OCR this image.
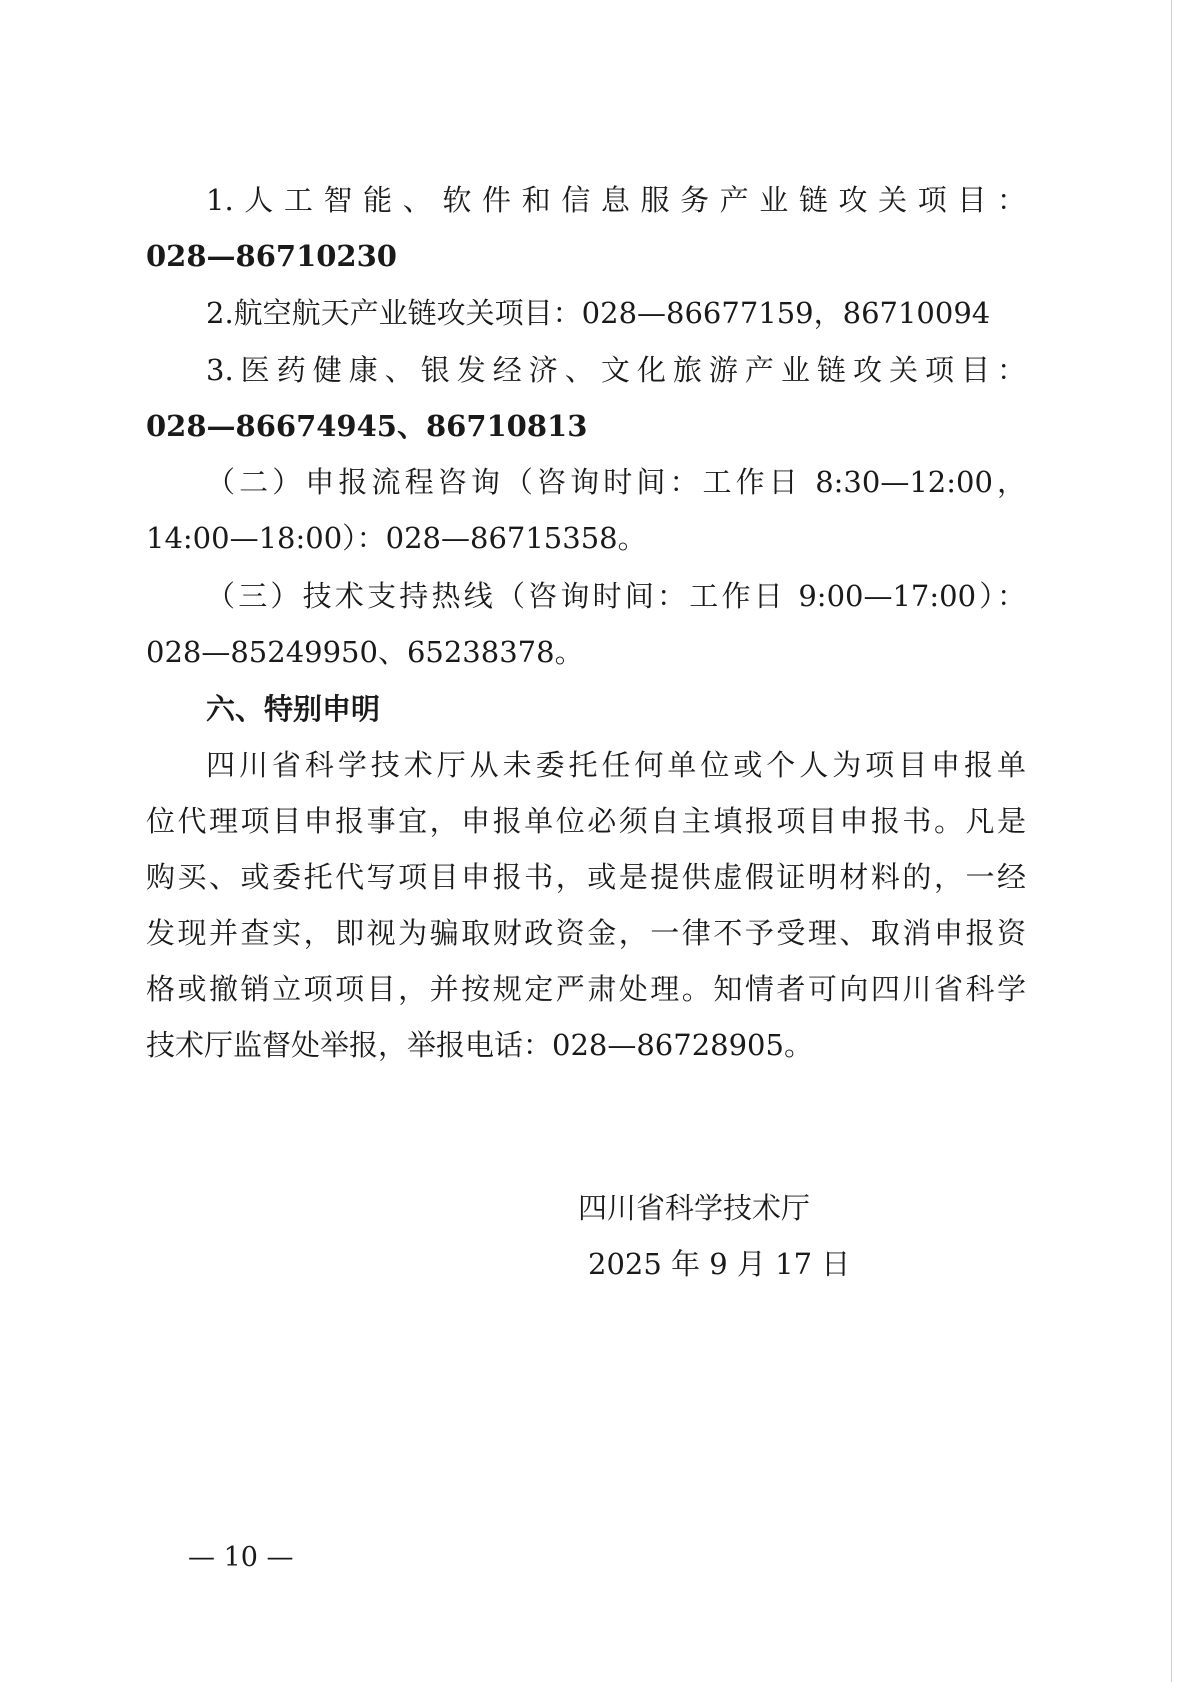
1.人工智能、软件和信息服务产业链攻关项目：
028—86710230
2.航空航天产业链攻关项目：028—86677159，86710094
3.医药健康、银发经济、文化旅游产业链攻关项目：
028—86674945、86710813
（二）申报流程咨询（咨询时间：工作日 8:30—12:00，
14:00—18:00）：028—86715358。
（三）技术支持热线（咨询时间：工作日 9:00—17:00）：
028—85249950、65238378。
六、特别申明
四川省科学技术厅从未委托任何单位或个人为项目申报单
位代理项目申报事宜，申报单位必须自主填报项目申报书。凡是
购买、或委托代写项目申报书，或是提供虚假证明材料的，一经
发现并查实，即视为骗取财政资金，一律不予受理、取消申报资
格或撤销立项项目，并按规定严肃处理。知情者可向四川省科学
技术厅监督处举报，举报电话：028—86728905。
四川省科学技术厅
2025 年 9 月 17 日
— 10 —
